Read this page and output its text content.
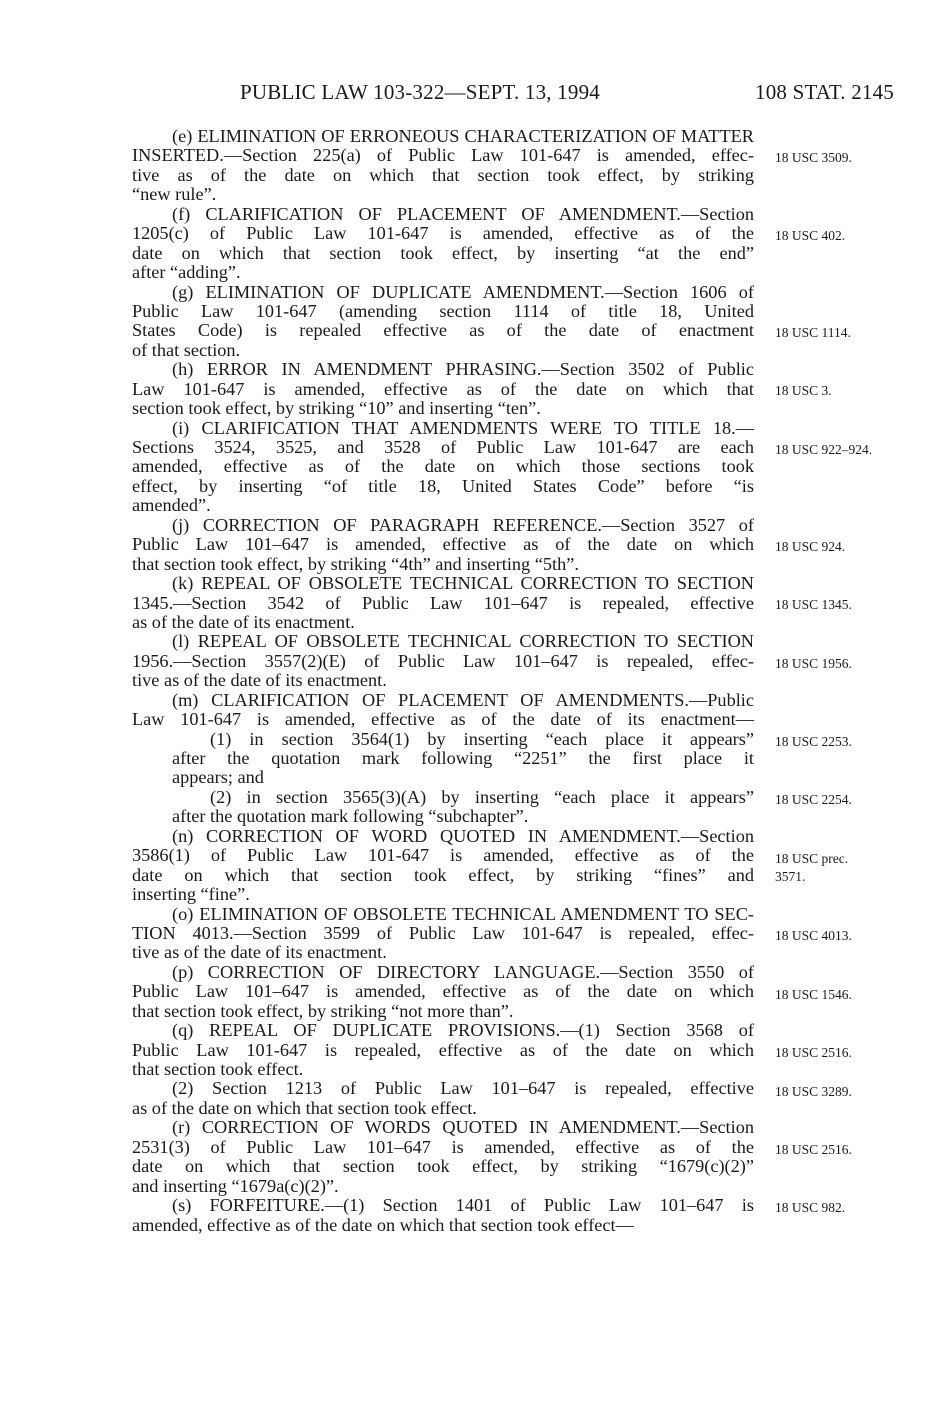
PUBLIC LAW 103-322—SEPT. 13, 1994	108 STAT. 2145
(e) ELIMINATION OF ERRONEOUS CHARACTERIZATION OF MATTER
INSERTED.—Section 225(a) of Public Law 101-647 is amended, effec-
tive as of the date on which that section took effect, by striking
“new rule”.
(f) CLARIFICATION OF PLACEMENT OF AMENDMENT.—Section
1205(c) of Public Law 101-647 is amended, effective as of the
date on which that section took effect, by inserting “at the end”
after “adding”.
(g) ELIMINATION OF DUPLICATE AMENDMENT.—Section 1606 of
Public Law 101-647 (amending section 1114 of title 18, United
States Code) is repealed effective as of the date of enactment
of that section.
(h) ERROR IN AMENDMENT PHRASING.—Section 3502 of Public
Law 101-647 is amended, effective as of the date on which that
section took effect, by striking “10” and inserting “ten”.
(i) CLARIFICATION THAT AMENDMENTS WERE TO TITLE 18.—
Sections 3524, 3525, and 3528 of Public Law 101-647 are each
amended, effective as of the date on which those sections took
effect, by inserting “of title 18, United States Code” before “is
amended”.
(j) CORRECTION OF PARAGRAPH REFERENCE.—Section 3527 of
Public Law 101–647 is amended, effective as of the date on which
that section took effect, by striking “4th” and inserting “5th”.
(k) REPEAL OF OBSOLETE TECHNICAL CORRECTION TO SECTION
1345.—Section 3542 of Public Law 101–647 is repealed, effective
as of the date of its enactment.
(l) REPEAL OF OBSOLETE TECHNICAL CORRECTION TO SECTION
1956.—Section 3557(2)(E) of Public Law 101–647 is repealed, effec-
tive as of the date of its enactment.
(m) CLARIFICATION OF PLACEMENT OF AMENDMENTS.—Public
Law 101-647 is amended, effective as of the date of its enactment—
(1) in section 3564(1) by inserting “each place it appears”
after the quotation mark following “2251” the first place it
appears; and
(2) in section 3565(3)(A) by inserting “each place it appears”
after the quotation mark following “subchapter”.
(n) CORRECTION OF WORD QUOTED IN AMENDMENT.—Section
3586(1) of Public Law 101-647 is amended, effective as of the
date on which that section took effect, by striking “fines” and
inserting “fine”.
(o) ELIMINATION OF OBSOLETE TECHNICAL AMENDMENT TO SEC-
TION 4013.—Section 3599 of Public Law 101-647 is repealed, effec-
tive as of the date of its enactment.
(p) CORRECTION OF DIRECTORY LANGUAGE.—Section 3550 of
Public Law 101–647 is amended, effective as of the date on which
that section took effect, by striking “not more than”.
(q) REPEAL OF DUPLICATE PROVISIONS.—(1) Section 3568 of
Public Law 101-647 is repealed, effective as of the date on which
that section took effect.
(2) Section 1213 of Public Law 101–647 is repealed, effective
as of the date on which that section took effect.
(r) CORRECTION OF WORDS QUOTED IN AMENDMENT.—Section
2531(3) of Public Law 101–647 is amended, effective as of the
date on which that section took effect, by striking “1679(c)(2)”
and inserting “1679a(c)(2)”.
(s) FORFEITURE.—(1) Section 1401 of Public Law 101–647 is
amended, effective as of the date on which that section took effect—
18 USC 3509.
18 USC 402.
18 USC 1114.
18 USC 3.
18 USC 922–924.
18 USC 924.
18 USC 1345.
18 USC 1956.
18 USC 2253.
18 USC 2254.
18 USC prec.
3571.
18 USC 4013.
18 USC 1546.
18 USC 2516.
18 USC 3289.
18 USC 2516.
18 USC 982.
